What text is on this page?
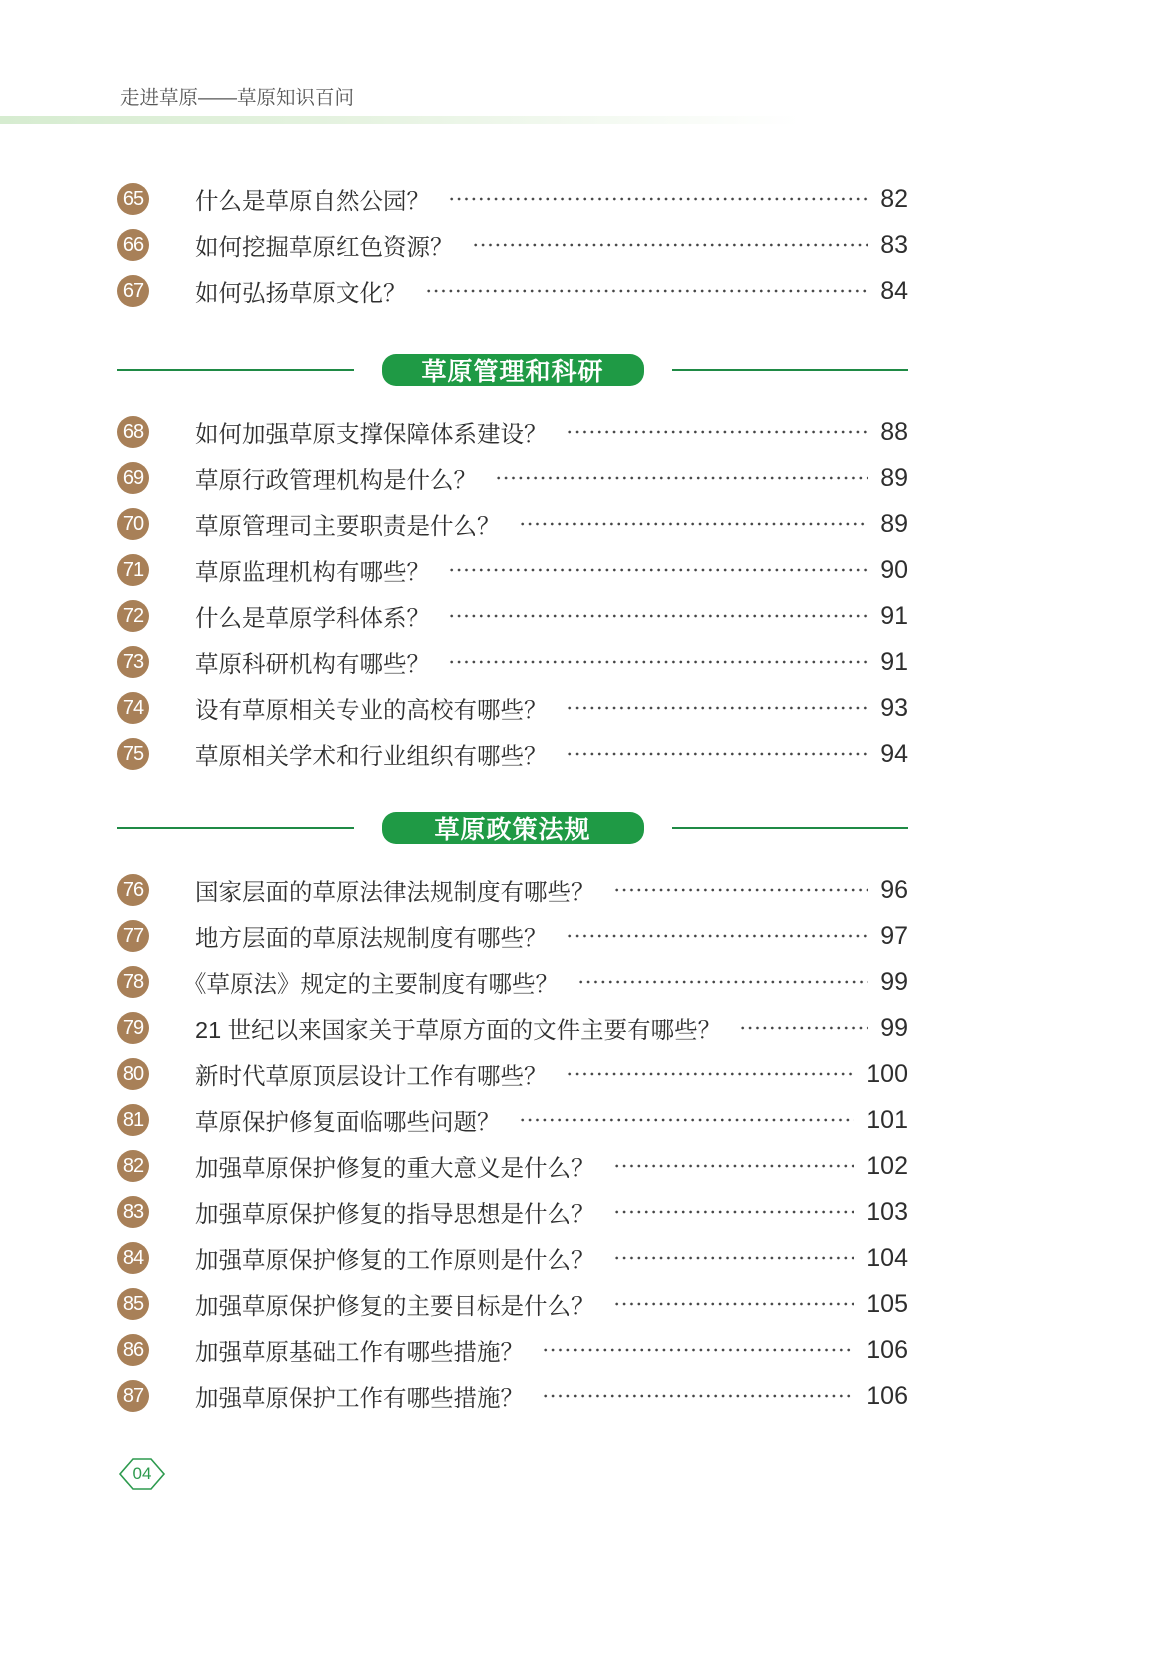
走进草原——草原知识百问
65 什么是草原自然公园？	82
66 如何挖掘草原红色资源？	83
67 如何弘扬草原文化？	84
草原管理和科研
68 如何加强草原支撑保障体系建设？	88
69 草原行政管理机构是什么？	89
70 草原管理司主要职责是什么？	89
71 草原监理机构有哪些？	90
72 什么是草原学科体系？	91
73 草原科研机构有哪些？	91
74 设有草原相关专业的高校有哪些？	93
75 草原相关学术和行业组织有哪些？	94
草原政策法规
76 国家层面的草原法律法规制度有哪些？	96
77 地方层面的草原法规制度有哪些？	97
78 《草原法》规定的主要制度有哪些？	99
79 21 世纪以来国家关于草原方面的文件主要有哪些？	99
80 新时代草原顶层设计工作有哪些？	100
81 草原保护修复面临哪些问题？	101
82 加强草原保护修复的重大意义是什么？	102
83 加强草原保护修复的指导思想是什么？	103
84 加强草原保护修复的工作原则是什么？	104
85 加强草原保护修复的主要目标是什么？	105
86 加强草原基础工作有哪些措施？	106
87 加强草原保护工作有哪些措施？	106
04
